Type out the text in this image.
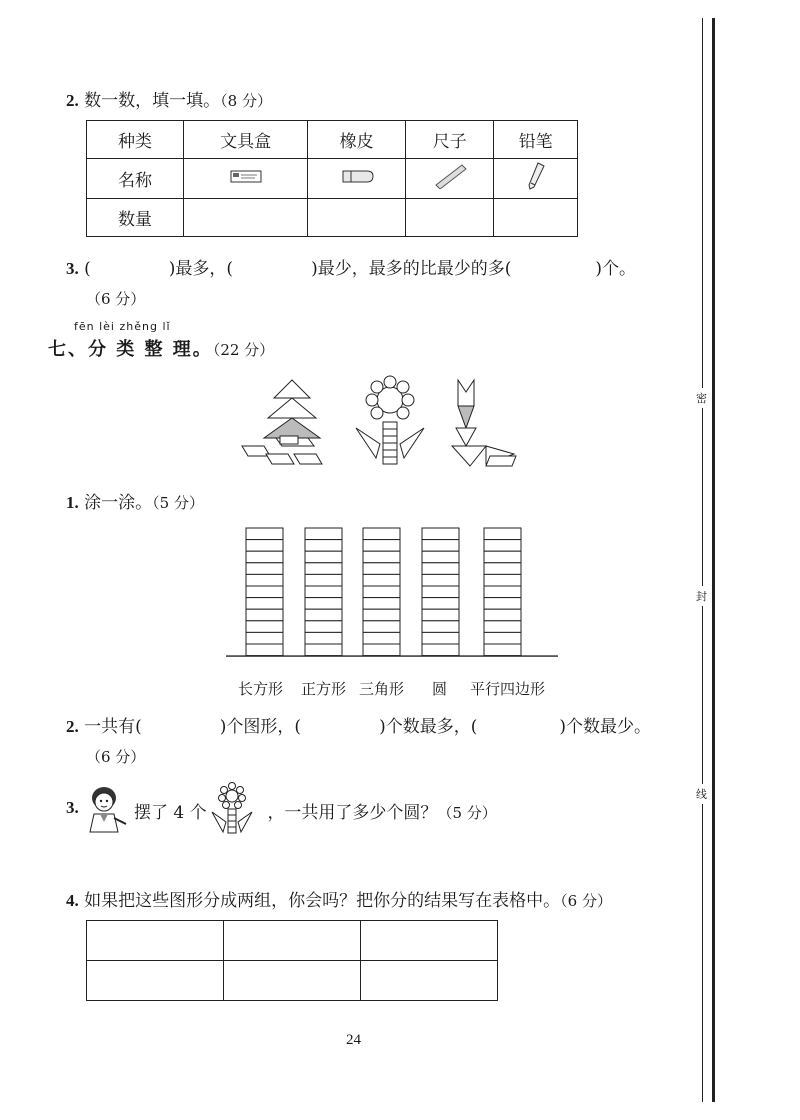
密
封
线
2. 数一数，填一填。（8 分）
种类	文具盒	橡皮	尺子	铅笔
名称				
数量				
3. (	)最多，(	)最少，最多的比最少的多(	)个。
（6 分）
fēn lèi zhěng lǐ
七、分 类 整 理。（22 分）
1. 涂一涂。（5 分）
长方形 正方形 三角形 圆 平行四边形
2. 一共有(	)个图形，(	)个数最多，(	)个数最少。
（6 分）
3.	摆了 4 个	，一共用了多少个圆？（5 分）
4. 如果把这些图形分成两组，你会吗？把你分的结果写在表格中。（6 分）

24
